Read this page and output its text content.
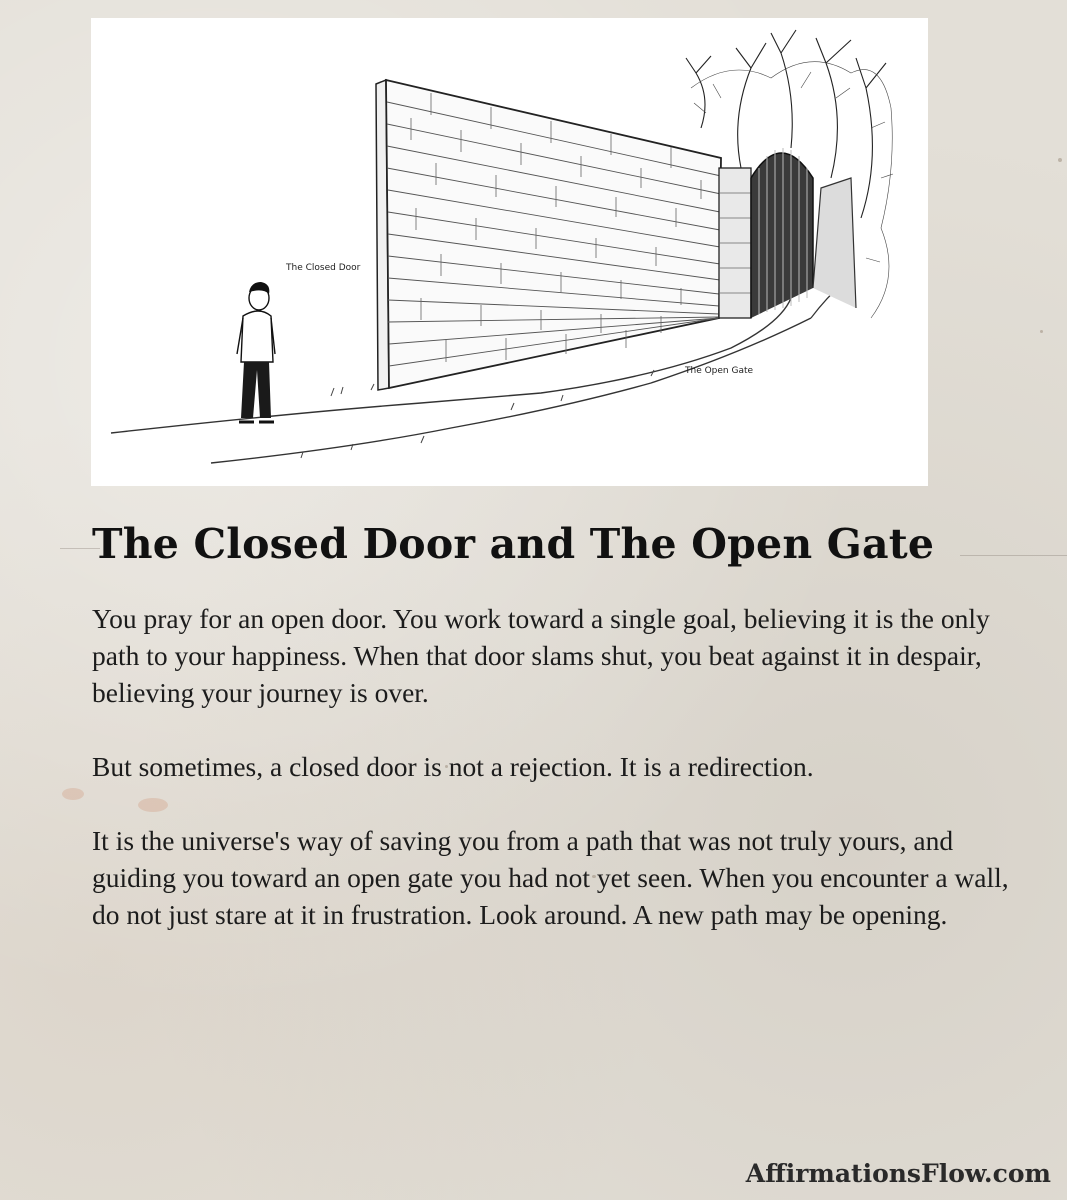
The Closed Door
The Open Gate
The Closed Door and The Open Gate

You pray for an open door. You work toward a single goal, believing it is the only path to your happiness. When that door slams shut, you beat against it in despair, believing your journey is over.

But sometimes, a closed door is not a rejection. It is a redirection.

It is the universe's way of saving you from a path that was not truly yours, and guiding you toward an open gate you had not yet seen. When you encounter a wall, do not just stare at it in frustration. Look around. A new path may be opening.

AffirmationsFlow.com
